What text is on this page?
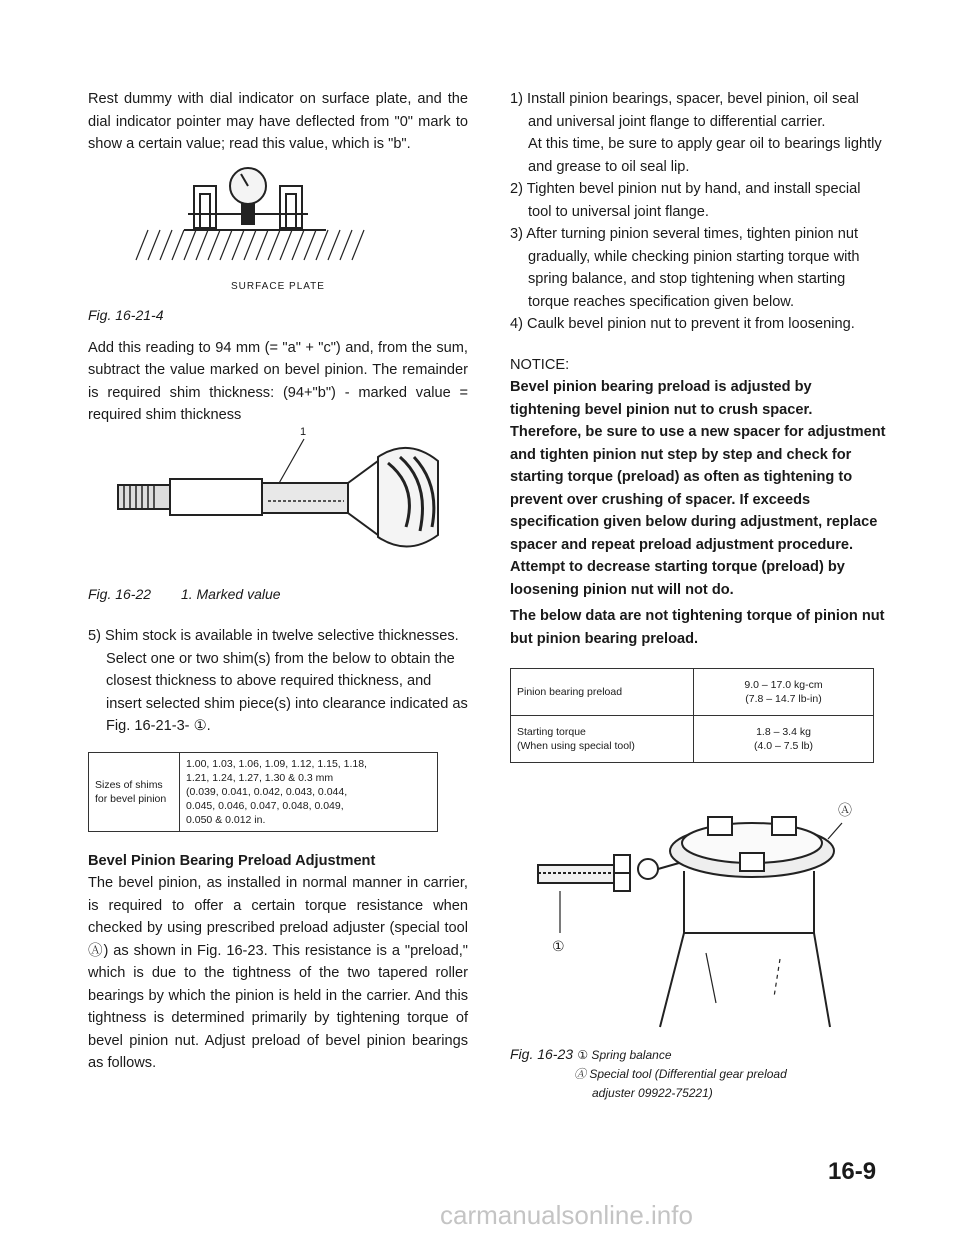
Rest dummy with dial indicator on surface plate, and the dial indicator pointer may have deflected from "0" mark to show a certain value; read this value, which is "b".

SURFACE PLATE

Fig. 16-21-4

Add this reading to 94 mm (= "a" + "c") and, from the sum, subtract the value marked on bevel pinion. The remainder is required shim thickness: (94+"b") - marked value = required shim thickness

1

Fig. 16-22 1. Marked value

5) Shim stock is available in twelve selective thicknesses. Select one or two shim(s) from the below to obtain the closest thickness to above required thickness, and insert selected shim piece(s) into clearance indicated as Fig. 16-21-3- ①.

Sizes of shims for bevel pinion	
1.00, 1.03, 1.06, 1.09, 1.12, 1.15, 1.18,
1.21, 1.24, 1.27, 1.30 & 0.3 mm
(0.039, 0.041, 0.042, 0.043, 0.044,
0.045, 0.046, 0.047, 0.048, 0.049,
0.050 & 0.012 in.

Bevel Pinion Bearing Preload Adjustment

The bevel pinion, as installed in normal manner in carrier, is required to offer a certain torque resistance when checked by using prescribed preload adjuster (special tool Ⓐ) as shown in Fig. 16-23. This resistance is a "preload," which is due to the tightness of the two tapered roller bearings by which the pinion is held in the carrier. And this tightness is determined primarily by tightening torque of bevel pinion nut. Adjust preload of bevel pinion bearings as follows.

1) Install pinion bearings, spacer, bevel pinion, oil seal and universal joint flange to differential carrier.

At this time, be sure to apply gear oil to bearings lightly and grease to oil seal lip.

2) Tighten bevel pinion nut by hand, and install special tool to universal joint flange.

3) After turning pinion several times, tighten pinion nut gradually, while checking pinion starting torque with spring balance, and stop tightening when starting torque reaches specification given below.

4) Caulk bevel pinion nut to prevent it from loosening.

NOTICE:

Bevel pinion bearing preload is adjusted by tightening bevel pinion nut to crush spacer. Therefore, be sure to use a new spacer for adjustment and tighten pinion nut step by step and check for starting torque (preload) as often as tightening to prevent over crushing of spacer. If exceeds specification given below during adjustment, replace spacer and repeat preload adjustment procedure. Attempt to decrease starting torque (preload) by loosening pinion nut will not do.

The below data are not tightening torque of pinion nut but pinion bearing preload.

Pinion bearing preload	9.0 – 17.0 kg-cm
(7.8 – 14.7 lb-in)

Starting torque
(When using special tool)	1.8 – 3.4 kg
(4.0 – 7.5 lb)
Ⓐ
①
Fig. 16-23 ① Spring balance
Ⓐ Special tool (Differential gear preload
adjuster 09922-75221)
16-9
carmanualsonline.info
